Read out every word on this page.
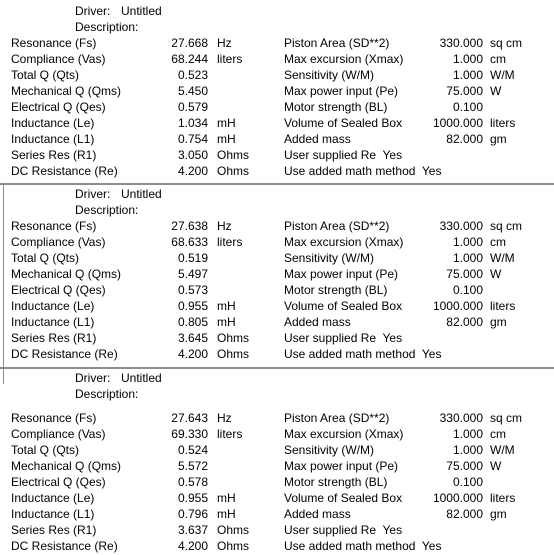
Driver: Untitled
Description:
Resonance (Fs)	27.668 Hz	Piston Area (SD**2)	330.000 sq cm
Compliance (Vas)	68.244 liters	Max excursion (Xmax)	1.000 cm
Total Q (Qts)	0.523	Sensitivity (W/M)	1.000 W/M
Mechanical Q (Qms)	5.450	Max power input (Pe)	75.000 W
Electrical Q (Qes)	0.579	Motor strength (BL)	0.100
Inductance (Le)	1.034 mH	Volume of Sealed Box	1000.000 liters
Inductance (L1)	0.754 mH	Added mass	82.000 gm
Series Res (R1)	3.050 Ohms	User supplied Re  Yes
DC Resistance (Re)	4.200 Ohms	Use added math method  Yes
Driver: Untitled
Description:
Resonance (Fs)	27.638 Hz	Piston Area (SD**2)	330.000 sq cm
Compliance (Vas)	68.633 liters	Max excursion (Xmax)	1.000 cm
Total Q (Qts)	0.519	Sensitivity (W/M)	1.000 W/M
Mechanical Q (Qms)	5.497	Max power input (Pe)	75.000 W
Electrical Q (Qes)	0.573	Motor strength (BL)	0.100
Inductance (Le)	0.955 mH	Volume of Sealed Box	1000.000 liters
Inductance (L1)	0.805 mH	Added mass	82.000 gm
Series Res (R1)	3.645 Ohms	User supplied Re  Yes
DC Resistance (Re)	4.200 Ohms	Use added math method  Yes
Driver: Untitled
Description:
Resonance (Fs)	27.643 Hz	Piston Area (SD**2)	330.000 sq cm
Compliance (Vas)	69.330 liters	Max excursion (Xmax)	1.000 cm
Total Q (Qts)	0.524	Sensitivity (W/M)	1.000 W/M
Mechanical Q (Qms)	5.572	Max power input (Pe)	75.000 W
Electrical Q (Qes)	0.578	Motor strength (BL)	0.100
Inductance (Le)	0.955 mH	Volume of Sealed Box	1000.000 liters
Inductance (L1)	0.796 mH	Added mass	82.000 gm
Series Res (R1)	3.637 Ohms	User supplied Re  Yes
DC Resistance (Re)	4.200 Ohms	Use added math method  Yes
